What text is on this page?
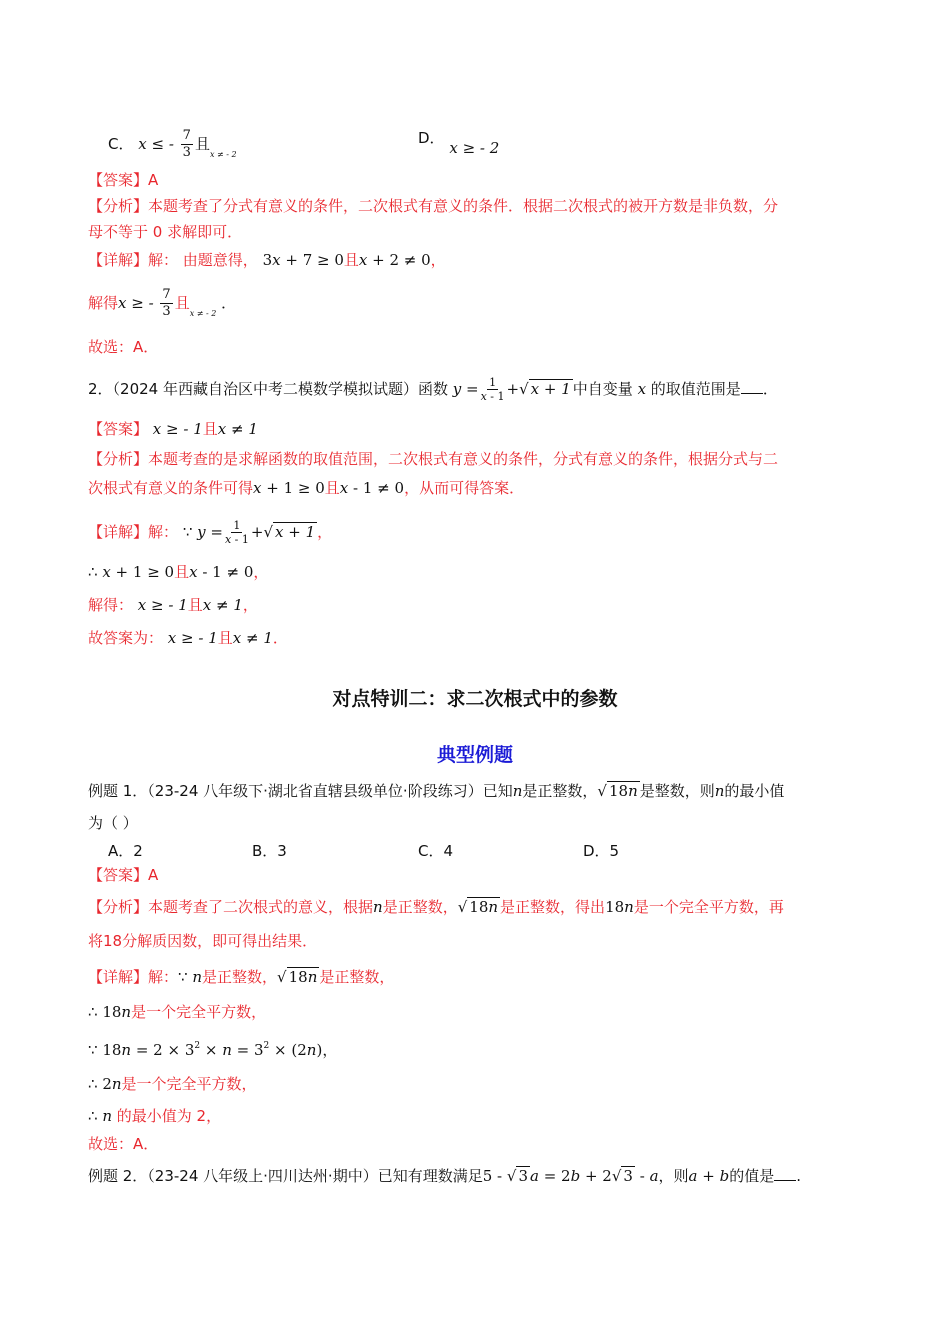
C． x ≤ - $\frac{7}{3}$ 且$_{x \ne - 2}$
D． x ≥ - 2
【答案】A
【分析】本题考查了分式有意义的条件，二次根式有意义的条件．根据二次根式的被开方数是非负数，分
母不等于 0 求解即可．
【详解】解： 由题意得， 3x + 7 ≥ 0且x + 2 ≠ 0，
解得x ≥ - $\frac{7}{3}$ 且$_{x \ne - 2}$ ．
故选：A．
2．（2024 年西藏自治区中考二模数学模拟试题）函数 $y = \frac{1}{x - 1}$ +√ x + 1 中自变量 x 的取值范围是 ．
【答案】 x ≥ - 1且x ≠ 1
【分析】本题考查的是求解函数的取值范围，二次根式有意义的条件，分式有意义的条件，根据分式与二
次根式有意义的条件可得x + 1 ≥ 0且x - 1 ≠ 0，从而可得答案．
【详解】解： ∵ $y = \frac{1}{x - 1}$ +√ x + 1 ，
∴ x + 1 ≥ 0且x - 1 ≠ 0，
解得： x ≥ - 1且x ≠ 1，
故答案为： x ≥ - 1且x ≠ 1．
对点特训二：求二次根式中的参数
典型例题
例题 1．（23-24 八年级下·湖北省直辖县级单位·阶段练习）已知n是正整数，√ 18n 是整数，则n的最小值
为（ ）
A．2	B．3	C．4	D．5
【答案】A
【分析】本题考查了二次根式的意义，根据n是正整数，√ 18n 是正整数，得出18n是一个完全平方数，再
将18分解质因数，即可得出结果．
【详解】解：∵ n是正整数，√ 18n 是正整数，
∴ 18n是一个完全平方数，
∵ $18n = 2 \times 3^2 \times n = 3^2 \times (2n)$，
∴ 2n是一个完全平方数，
∴ n 的最小值为 2，
故选：A．
例题 2．（23-24 八年级上·四川达州·期中）已知有理数满足5 - √ 3 a = 2b + 2√ 3 - a，则a + b的值是 .
